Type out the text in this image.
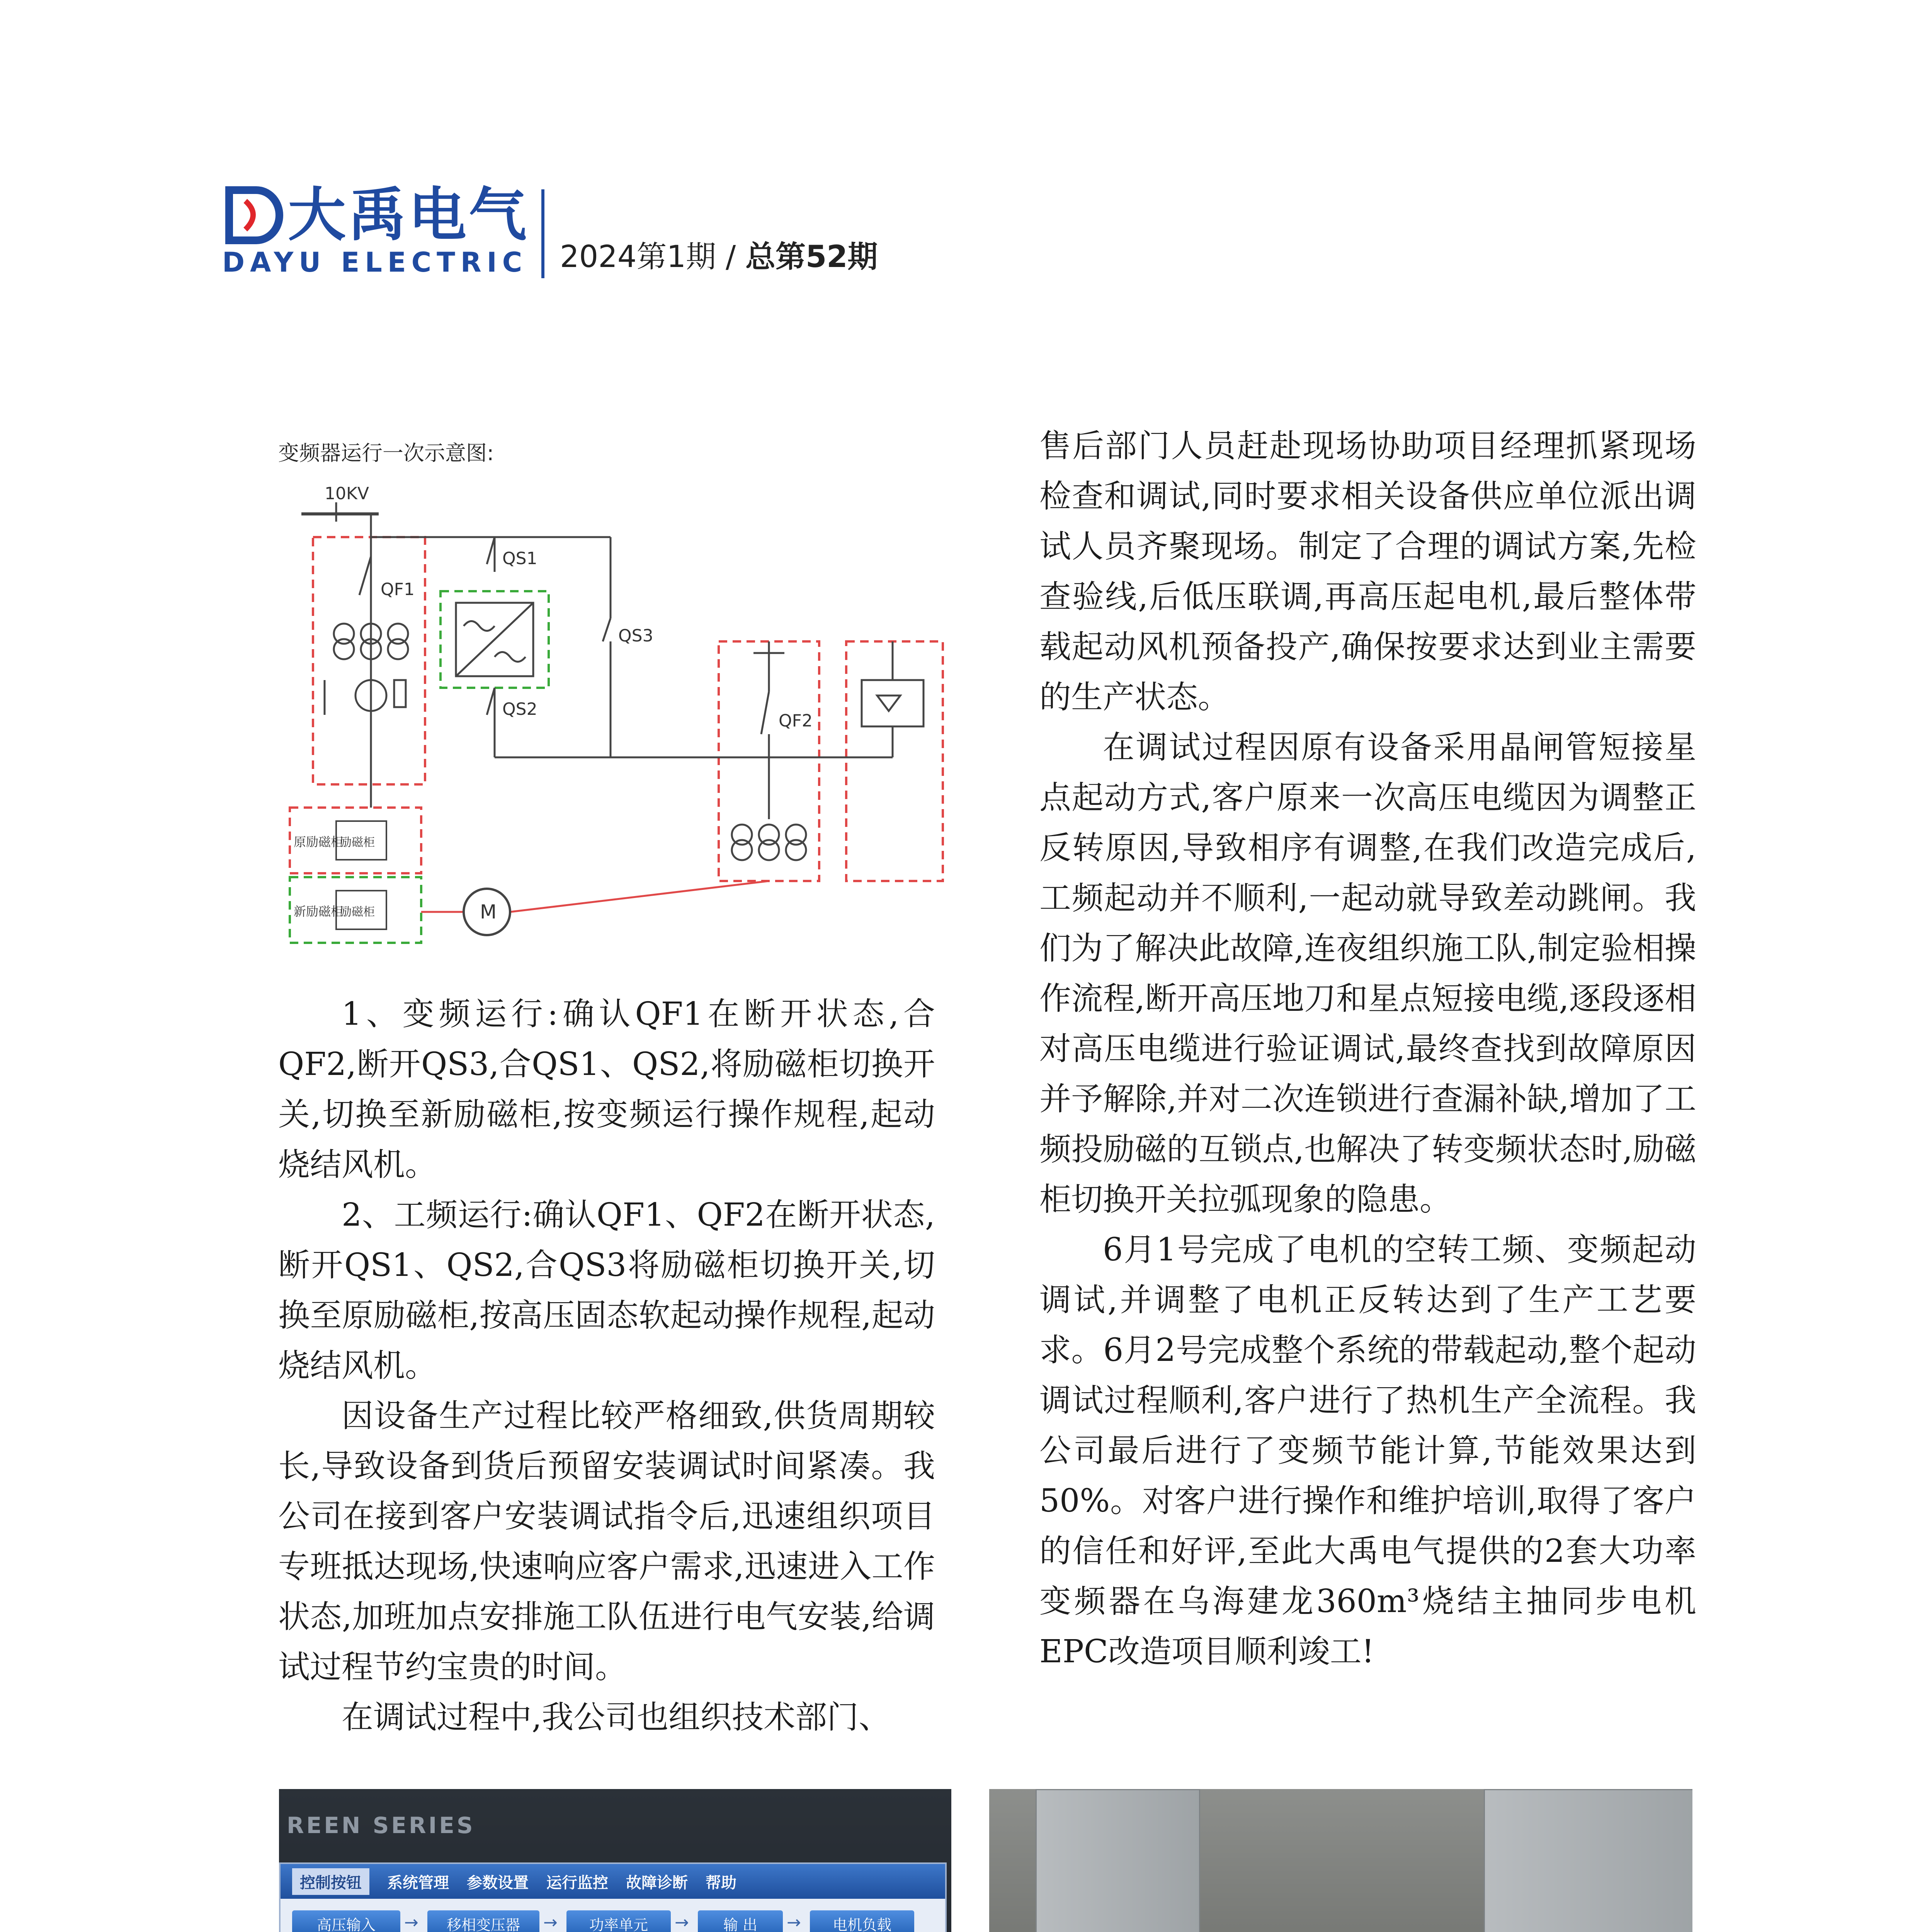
大禹电气
DAYU ELECTRIC 2024第1期 / 总第52期
变频器运行一次示意图:
10KV
QF1
QS1
QS3
QS2
QF2
原励磁柜
励磁柜
新励磁柜
励磁柜	M

1、变频运行:确认QF1在断开状态,合QF2,断开QS3,合QS1、QS2,将励磁柜切换开关,切换至新励磁柜,按变频运行操作规程,起动烧结风机。

2、工频运行:确认QF1、QF2在断开状态,断开QS1、QS2,合QS3将励磁柜切换开关,切换至原励磁柜,按高压固态软起动操作规程,起动烧结风机。

因设备生产过程比较严格细致,供货周期较长,导致设备到货后预留安装调试时间紧凑。我公司在接到客户安装调试指令后,迅速组织项目专班抵达现场,快速响应客户需求,迅速进入工作状态,加班加点安排施工队伍进行电气安装,给调试过程节约宝贵的时间。

在调试过程中,我公司也组织技术部门、

售后部门人员赶赴现场协助项目经理抓紧现场检查和调试,同时要求相关设备供应单位派出调试人员齐聚现场。制定了合理的调试方案,先检查验线,后低压联调,再高压起电机,最后整体带载起动风机预备投产,确保按要求达到业主需要的生产状态。

在调试过程因原有设备采用晶闸管短接星点起动方式,客户原来一次高压电缆因为调整正反转原因,导致相序有调整,在我们改造完成后,工频起动并不顺利,一起动就导致差动跳闸。我们为了解决此故障,连夜组织施工队,制定验相操作流程,断开高压地刀和星点短接电缆,逐段逐相对高压电缆进行验证调试,最终查找到故障原因并予解除,并对二次连锁进行查漏补缺,增加了工频投励磁的互锁点,也解决了转变频状态时,励磁柜切换开关拉弧现象的隐患。

6月1号完成了电机的空转工频、变频起动调试,并调整了电机正反转达到了生产工艺要求。6月2号完成整个系统的带载起动,整个起动调试过程顺利,客户进行了热机生产全流程。我公司最后进行了变频节能计算,节能效果达到50%。对客户进行操作和维护培训,取得了客户的信任和好评,至此大禹电气提供的2套大功率变频器在乌海建龙360m³烧结主抽同步电机EPC改造项目顺利竣工!

REEN SERIES
控制按钮	系统管理 参数设置 运行监控 故障诊断 帮助
高压输入	→	移相变压器	→	功率单元	→	输 出	→	电机负载
